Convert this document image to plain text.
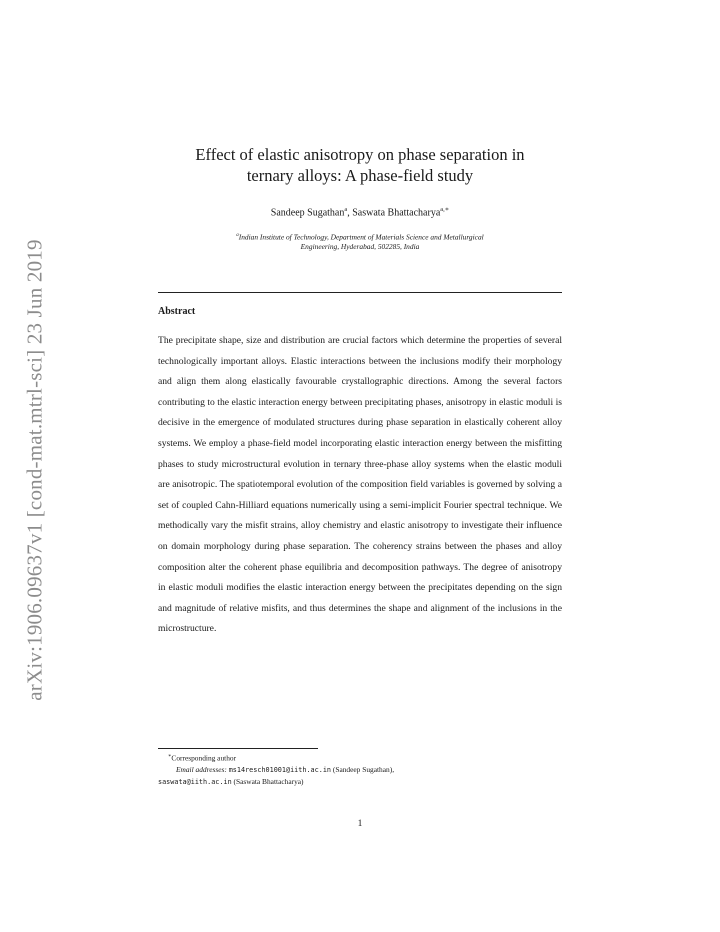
arXiv:1906.09637v1 [cond-mat.mtrl-sci] 23 Jun 2019
Effect of elastic anisotropy on phase separation in
ternary alloys: A phase-field study
Sandeep Sugathan$^a$, Saswata Bhattacharya$^{a,∗}$
$^a$Indian Institute of Technology, Department of Materials Science and Metallurgical
Engineering, Hyderabad, 502285, India
Abstract
The precipitate shape, size and distribution are crucial factors which determine the properties of several technologically important alloys. Elastic interactions between the inclusions modify their morphology and align them along elastically favourable crystallographic directions. Among the several factors contributing to the elastic interaction energy between precipitating phases, anisotropy in elastic moduli is decisive in the emergence of modulated structures during phase separation in elastically coherent alloy systems. We employ a phase-field model incorporating elastic interaction energy between the misfitting phases to study microstructural evolution in ternary three-phase alloy systems when the elastic moduli are anisotropic. The spatiotemporal evolution of the composition field variables is governed by solving a set of coupled Cahn-Hilliard equations numerically using a semi-implicit Fourier spectral technique. We methodically vary the misfit strains, alloy chemistry and elastic anisotropy to investigate their influence on domain morphology during phase separation. The coherency strains between the phases and alloy composition alter the coherent phase equilibria and decomposition pathways. The degree of anisotropy in elastic moduli modifies the elastic interaction energy between the precipitates depending on the sign and magnitude of relative misfits, and thus determines the shape and alignment of the inclusions in the microstructure.
∗Corresponding author
Email addresses: ms14resch01001@iith.ac.in (Sandeep Sugathan),
saswata@iith.ac.in (Saswata Bhattacharya)
1
